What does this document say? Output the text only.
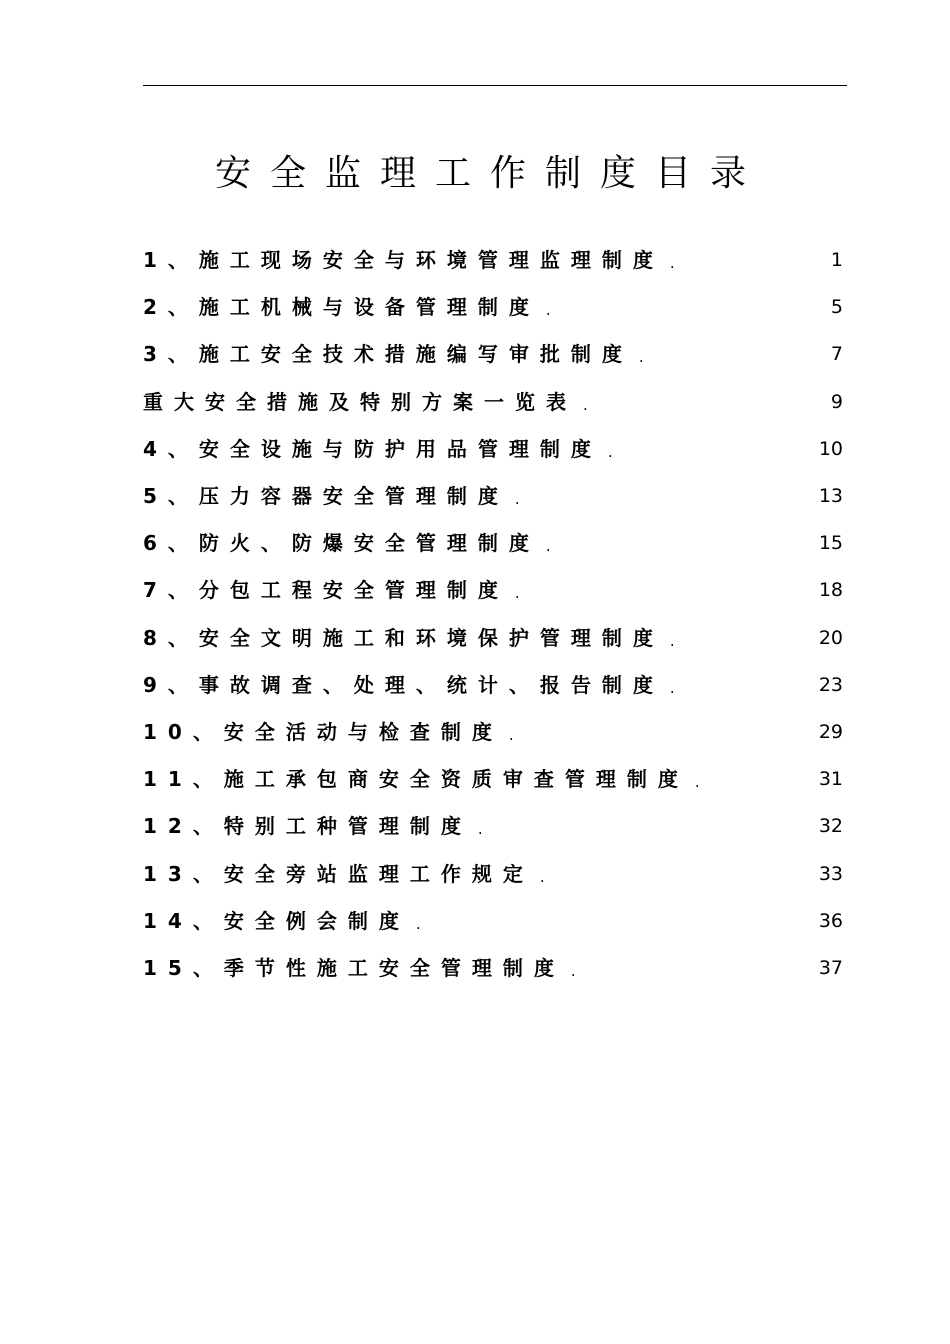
安全监理工作制度目录
1、施工现场安全与环境管理监理制度 .	1
2、施工机械与设备管理制度 .	5
3、施工安全技术措施编写审批制度 .	7
重大安全措施及特别方案一览表 .	9
4、安全设施与防护用品管理制度 .	10
5、压力容器安全管理制度 .	13
6、防火、防爆安全管理制度 .	15
7、分包工程安全管理制度 .	18
8、安全文明施工和环境保护管理制度 .	20
9、事故调查、处理、统计、报告制度 .	23
10、安全活动与检查制度 .	29
11、施工承包商安全资质审查管理制度 .	31
12、特别工种管理制度 .	32
13、安全旁站监理工作规定 .	33
14、安全例会制度 .	36
15、季节性施工安全管理制度 .	37
